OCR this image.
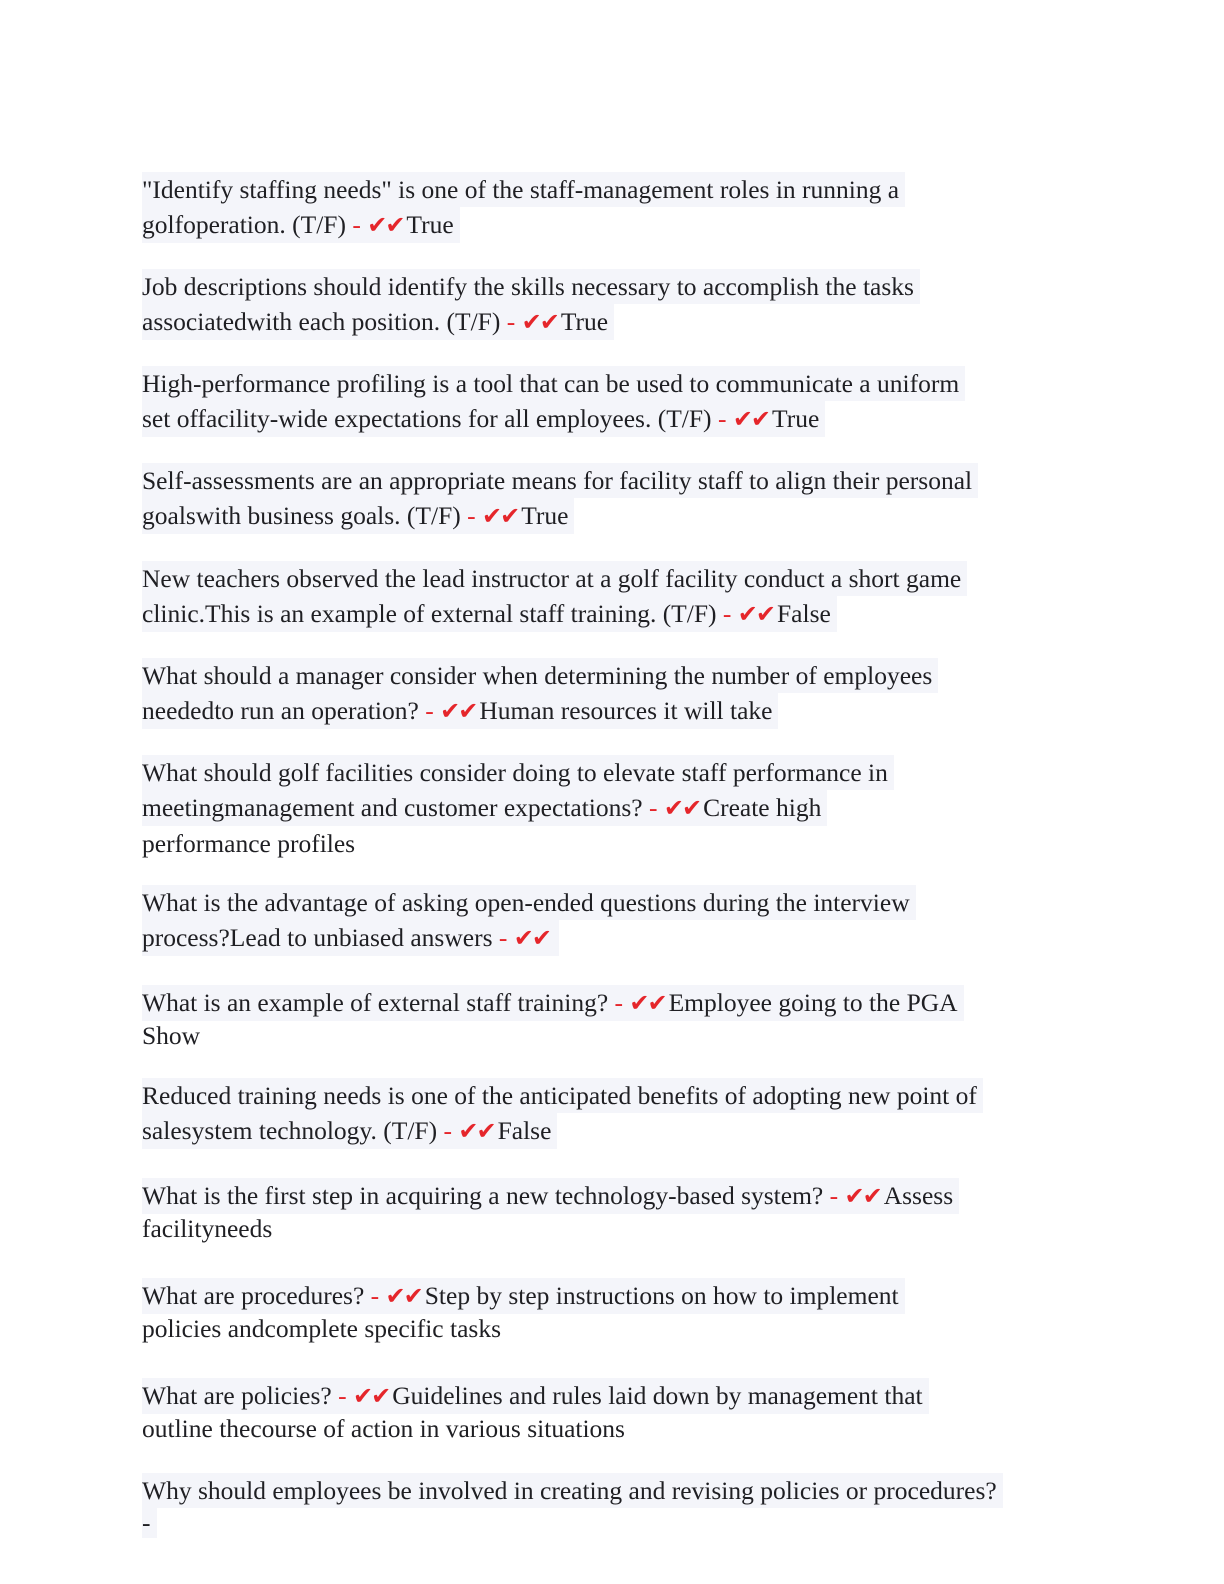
"Identify staffing needs" is one of the staff-management roles in running a
golfoperation. (T/F) - ✔✔ True
Job descriptions should identify the skills necessary to accomplish the tasks
associatedwith each position. (T/F) - ✔✔ True
High-performance profiling is a tool that can be used to communicate a uniform
set offacility-wide expectations for all employees. (T/F) - ✔✔ True
Self-assessments are an appropriate means for facility staff to align their personal
goalswith business goals. (T/F) - ✔✔ True
New teachers observed the lead instructor at a golf facility conduct a short game
clinic.This is an example of external staff training. (T/F) - ✔✔ False
What should a manager consider when determining the number of employees
neededto run an operation? - ✔✔ Human resources it will take
What should golf facilities consider doing to elevate staff performance in
meetingmanagement and customer expectations? - ✔✔ Create high
performance profiles
What is the advantage of asking open-ended questions during the interview
process?Lead to unbiased answers - ✔✔
What is an example of external staff training? - ✔✔ Employee going to the PGA
Show
Reduced training needs is one of the anticipated benefits of adopting new point of
salesystem technology. (T/F) - ✔✔ False
What is the first step in acquiring a new technology-based system? - ✔✔ Assess
facilityneeds
What are procedures? - ✔✔ Step by step instructions on how to implement
policies andcomplete specific tasks
What are policies? - ✔✔ Guidelines and rules laid down by management that
outline thecourse of action in various situations
Why should employees be involved in creating and revising policies or procedures?
-
